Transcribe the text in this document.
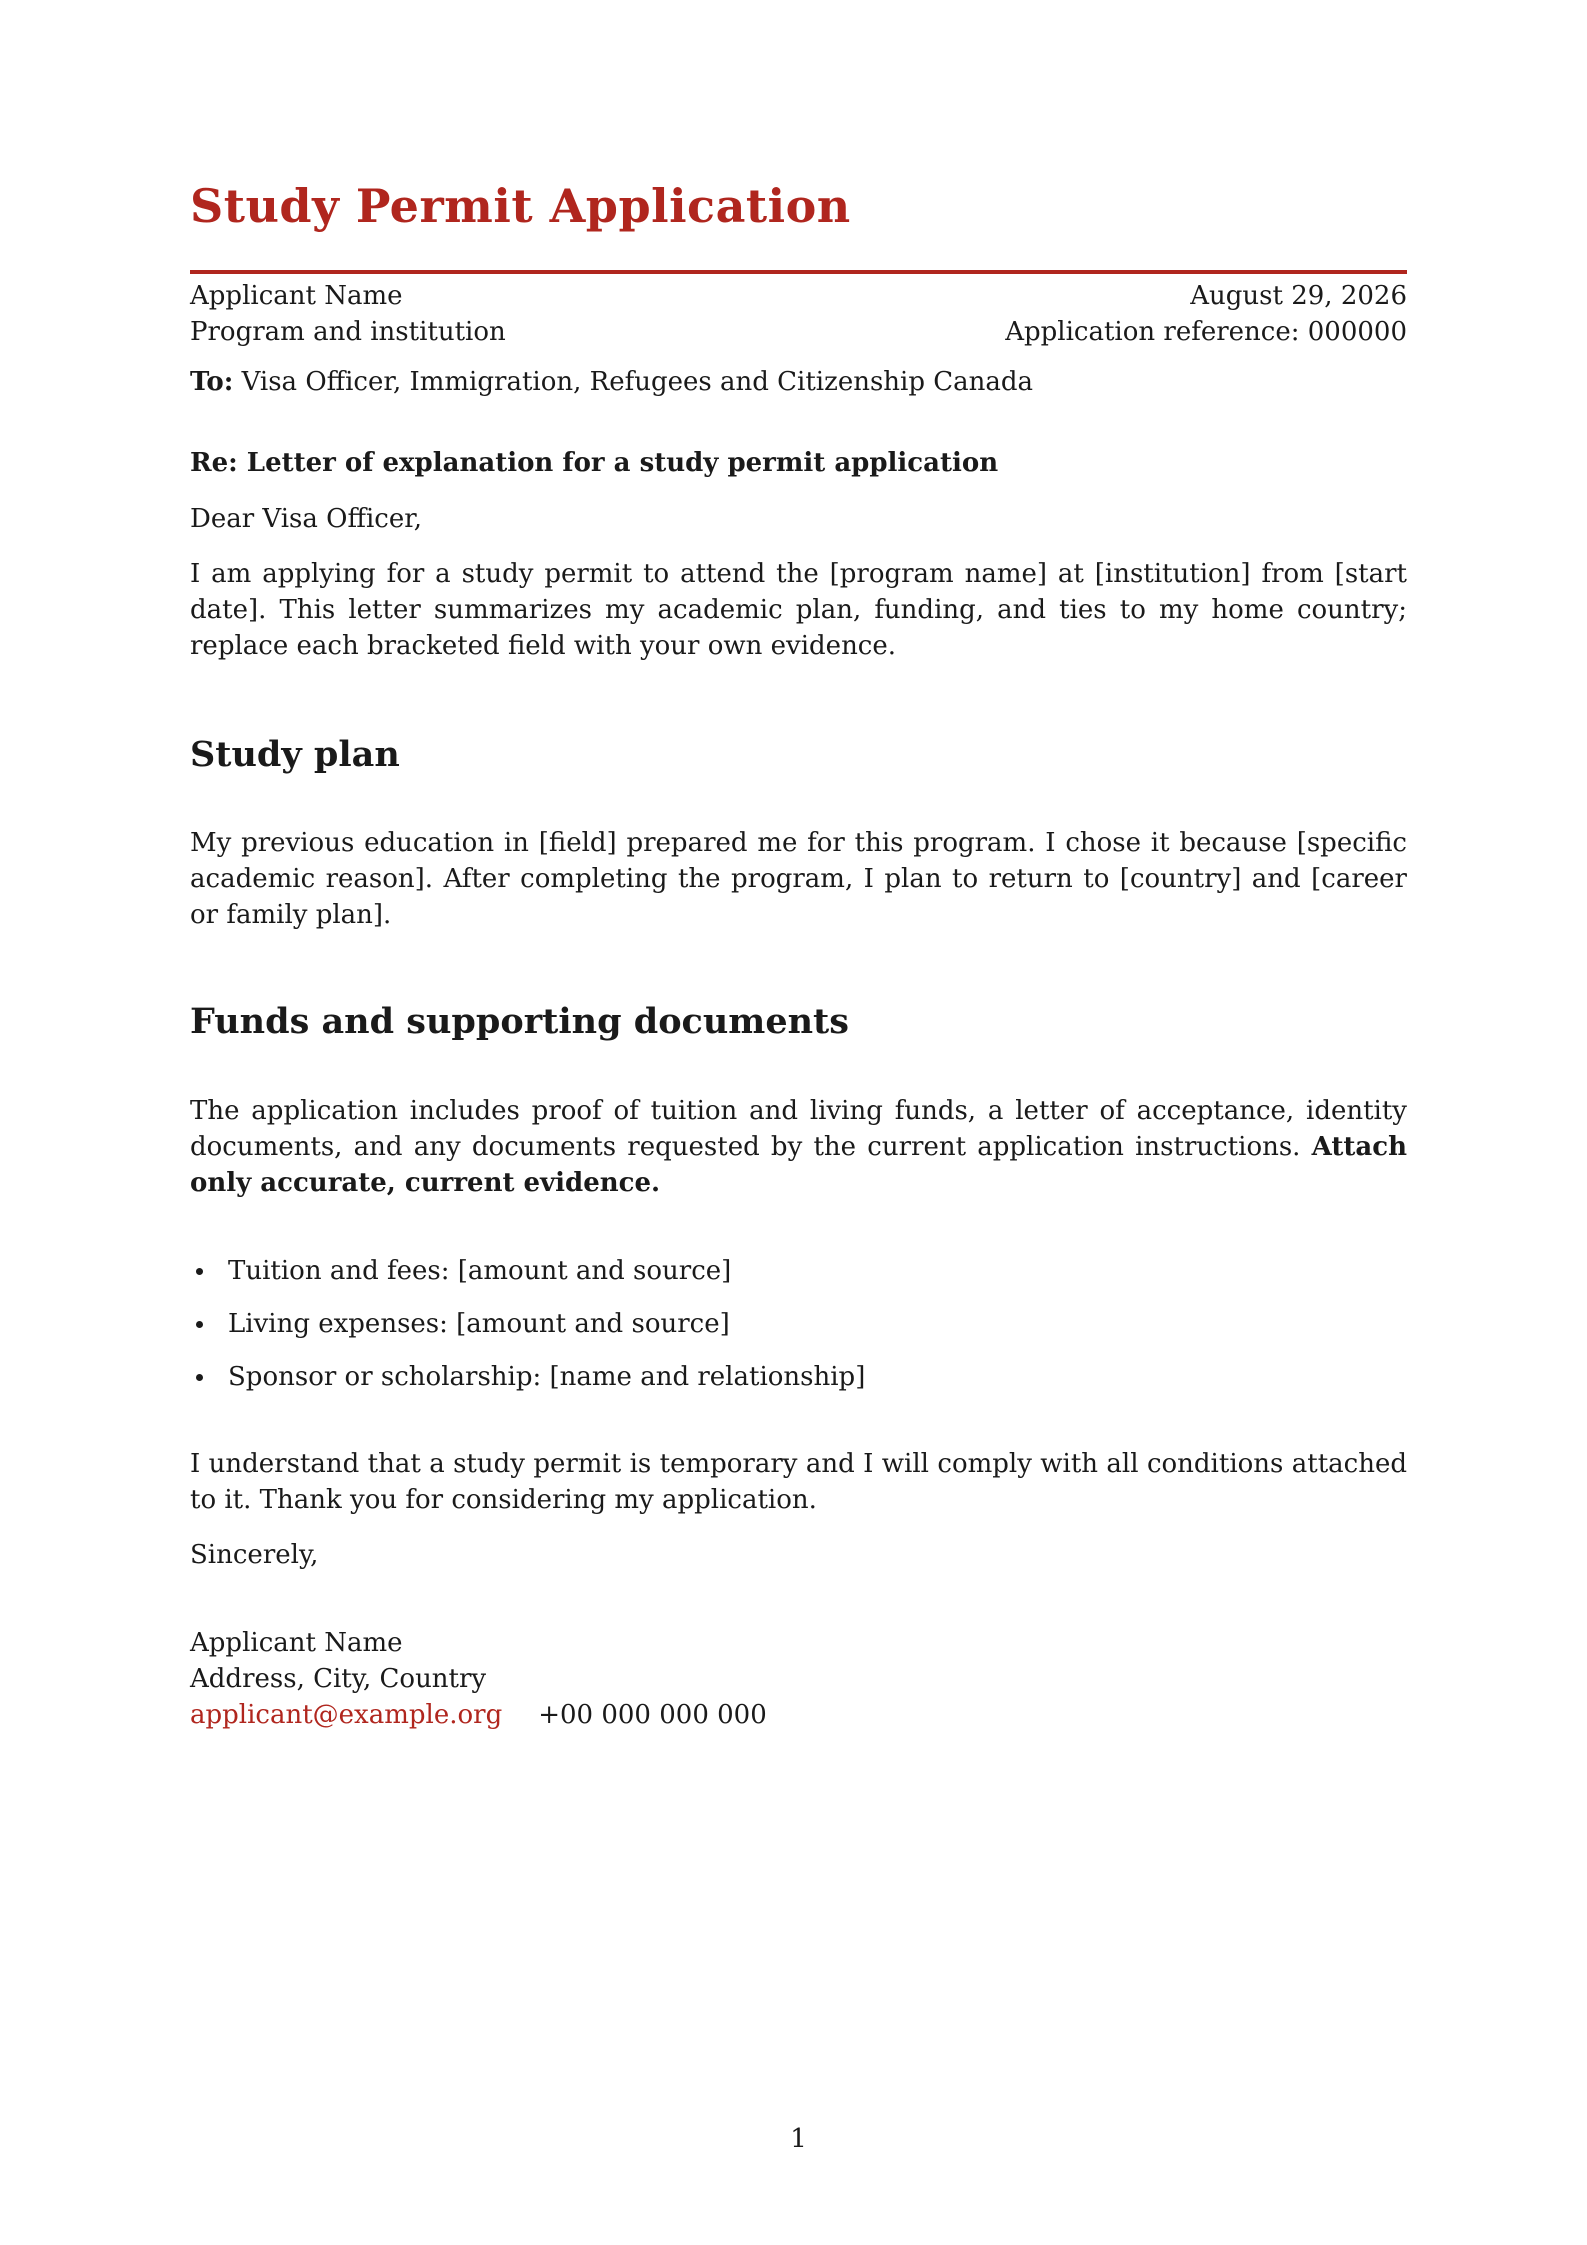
Study Permit Application
Applicant Name	August 29, 2026
Program and institution	Application reference: 000000
To: Visa Officer, Immigration, Refugees and Citizenship Canada
Re: Letter of explanation for a study permit application

Dear Visa Officer,

I am applying for a study permit to attend the [program name] at [institution] from [start date]. This letter summarizes my academic plan, funding, and ties to my home country; replace each bracketed field with your own evidence.

Study plan

My previous education in [field] prepared me for this program. I chose it because [specific academic reason]. After completing the program, I plan to return to [country] and [career or family plan].

Funds and supporting documents

The application includes proof of tuition and living funds, a letter of acceptance, identity documents, and any documents requested by the current application instructions. Attach only accurate, current evidence.

Tuition and fees: [amount and source]
Living expenses: [amount and source]
Sponsor or scholarship: [name and relationship]

I understand that a study permit is temporary and I will comply with all conditions attached to it. Thank you for considering my application.

Sincerely,

Applicant Name
Address, City, Country
applicant@example.org +00 000 000 000
1
